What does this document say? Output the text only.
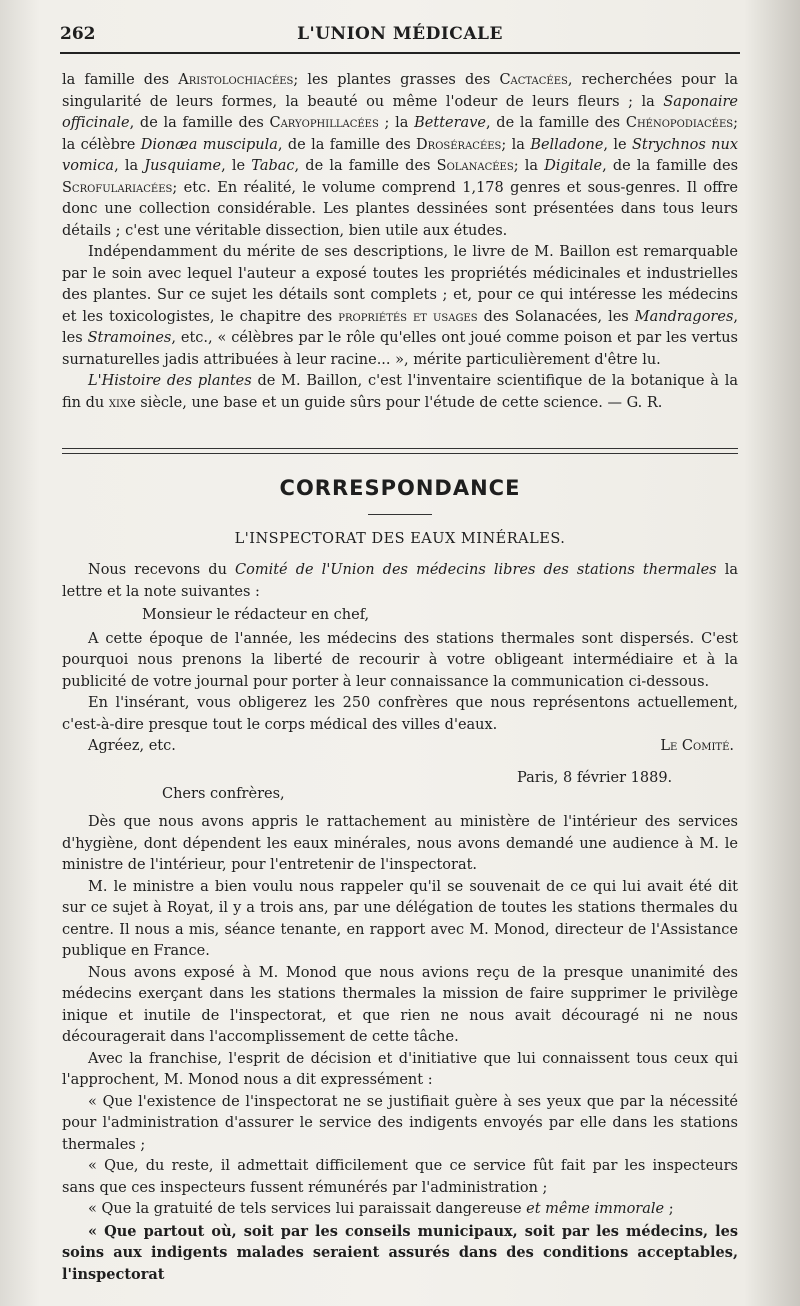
262	L'UNION MÉDICALE

la famille des Aristolochiacées; les plantes grasses des Cactacées, recherchées pour la singularité de leurs formes, la beauté ou même l'odeur de leurs fleurs ; la Saponaire officinale, de la famille des Caryophillacées ; la Betterave, de la famille des Chénopodiacées; la célèbre Dionæa muscipula, de la famille des Droséracées; la Belladone, le Strychnos nux vomica, la Jusquiame, le Tabac, de la famille des Solanacées; la Digitale, de la famille des Scrofulariacées; etc. En réalité, le volume comprend 1,178 genres et sous-genres. Il offre donc une collection considérable. Les plantes dessinées sont présentées dans tous leurs détails ; c'est une véritable dissection, bien utile aux études.

Indépendamment du mérite de ses descriptions, le livre de M. Baillon est remarquable par le soin avec lequel l'auteur a exposé toutes les propriétés médicinales et industrielles des plantes. Sur ce sujet les détails sont complets ; et, pour ce qui intéresse les médecins et les toxicologistes, le chapitre des propriétés et usages des Solanacées, les Mandragores, les Stramoines, etc., « célèbres par le rôle qu'elles ont joué comme poison et par les vertus surnaturelles jadis attribuées à leur racine... », mérite particulièrement d'être lu.

L'Histoire des plantes de M. Baillon, c'est l'inventaire scientifique de la botanique à la fin du xixe siècle, une base et un guide sûrs pour l'étude de cette science. — G. R.

CORRESPONDANCE
L'INSPECTORAT DES EAUX MINÉRALES.

Nous recevons du Comité de l'Union des médecins libres des stations thermales la lettre et la note suivantes :

Monsieur le rédacteur en chef,

A cette époque de l'année, les médecins des stations thermales sont dispersés. C'est pourquoi nous prenons la liberté de recourir à votre obligeant intermédiaire et à la publicité de votre journal pour porter à leur connaissance la communication ci-dessous.

En l'insérant, vous obligerez les 250 confrères que nous représentons actuellement, c'est-à-dire presque tout le corps médical des villes d'eaux.

Agréez, etc.	Le Comité.

Paris, 8 février 1889.
Chers confrères,

Dès que nous avons appris le rattachement au ministère de l'intérieur des services d'hygiène, dont dépendent les eaux minérales, nous avons demandé une audience à M. le ministre de l'intérieur, pour l'entretenir de l'inspectorat.

M. le ministre a bien voulu nous rappeler qu'il se souvenait de ce qui lui avait été dit sur ce sujet à Royat, il y a trois ans, par une délégation de toutes les stations thermales du centre. Il nous a mis, séance tenante, en rapport avec M. Monod, directeur de l'Assistance publique en France.

Nous avons exposé à M. Monod que nous avions reçu de la presque unanimité des médecins exerçant dans les stations thermales la mission de faire supprimer le privilège inique et inutile de l'inspectorat, et que rien ne nous avait découragé ni ne nous découragerait dans l'accomplissement de cette tâche.

Avec la franchise, l'esprit de décision et d'initiative que lui connaissent tous ceux qui l'approchent, M. Monod nous a dit expressément :

« Que l'existence de l'inspectorat ne se justifiait guère à ses yeux que par la nécessité pour l'administration d'assurer le service des indigents envoyés par elle dans les stations thermales ;

« Que, du reste, il admettait difficilement que ce service fût fait par les inspecteurs sans que ces inspecteurs fussent rémunérés par l'administration ;

« Que la gratuité de tels services lui paraissait dangereuse et même immorale ;

« Que partout où, soit par les conseils municipaux, soit par les médecins, les soins aux indigents malades seraient assurés dans des conditions acceptables, l'inspectorat
